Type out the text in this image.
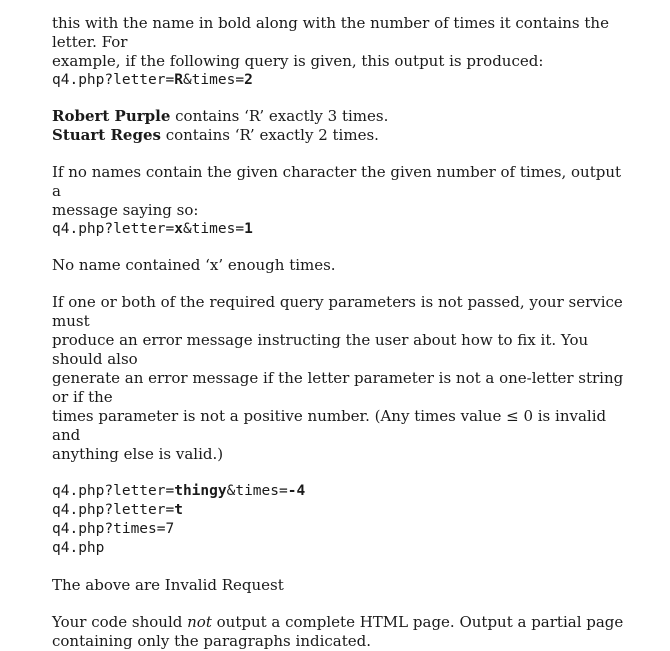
this with the name in bold along with the number of times it contains the letter. For
example, if the following query is given, this output is produced:

q4.php?letter=R&times=2

Robert Purple contains ‘R’ exactly 3 times.
Stuart Reges contains ‘R’ exactly 2 times.

If no names contain the given character the given number of times, output a
message saying so:

q4.php?letter=x&times=1

No name contained ‘x’ enough times.

If one or both of the required query parameters is not passed, your service must
produce an error message instructing the user about how to fix it. You should also
generate an error message if the letter parameter is not a one-letter string or if the
times parameter is not a positive number. (Any times value ≤ 0 is invalid and
anything else is valid.)

q4.php?letter=thingy&times=-4

q4.php?letter=t

q4.php?times=7

q4.php

The above are Invalid Request

Your code should not output a complete HTML page. Output a partial page
containing only the paragraphs indicated.
